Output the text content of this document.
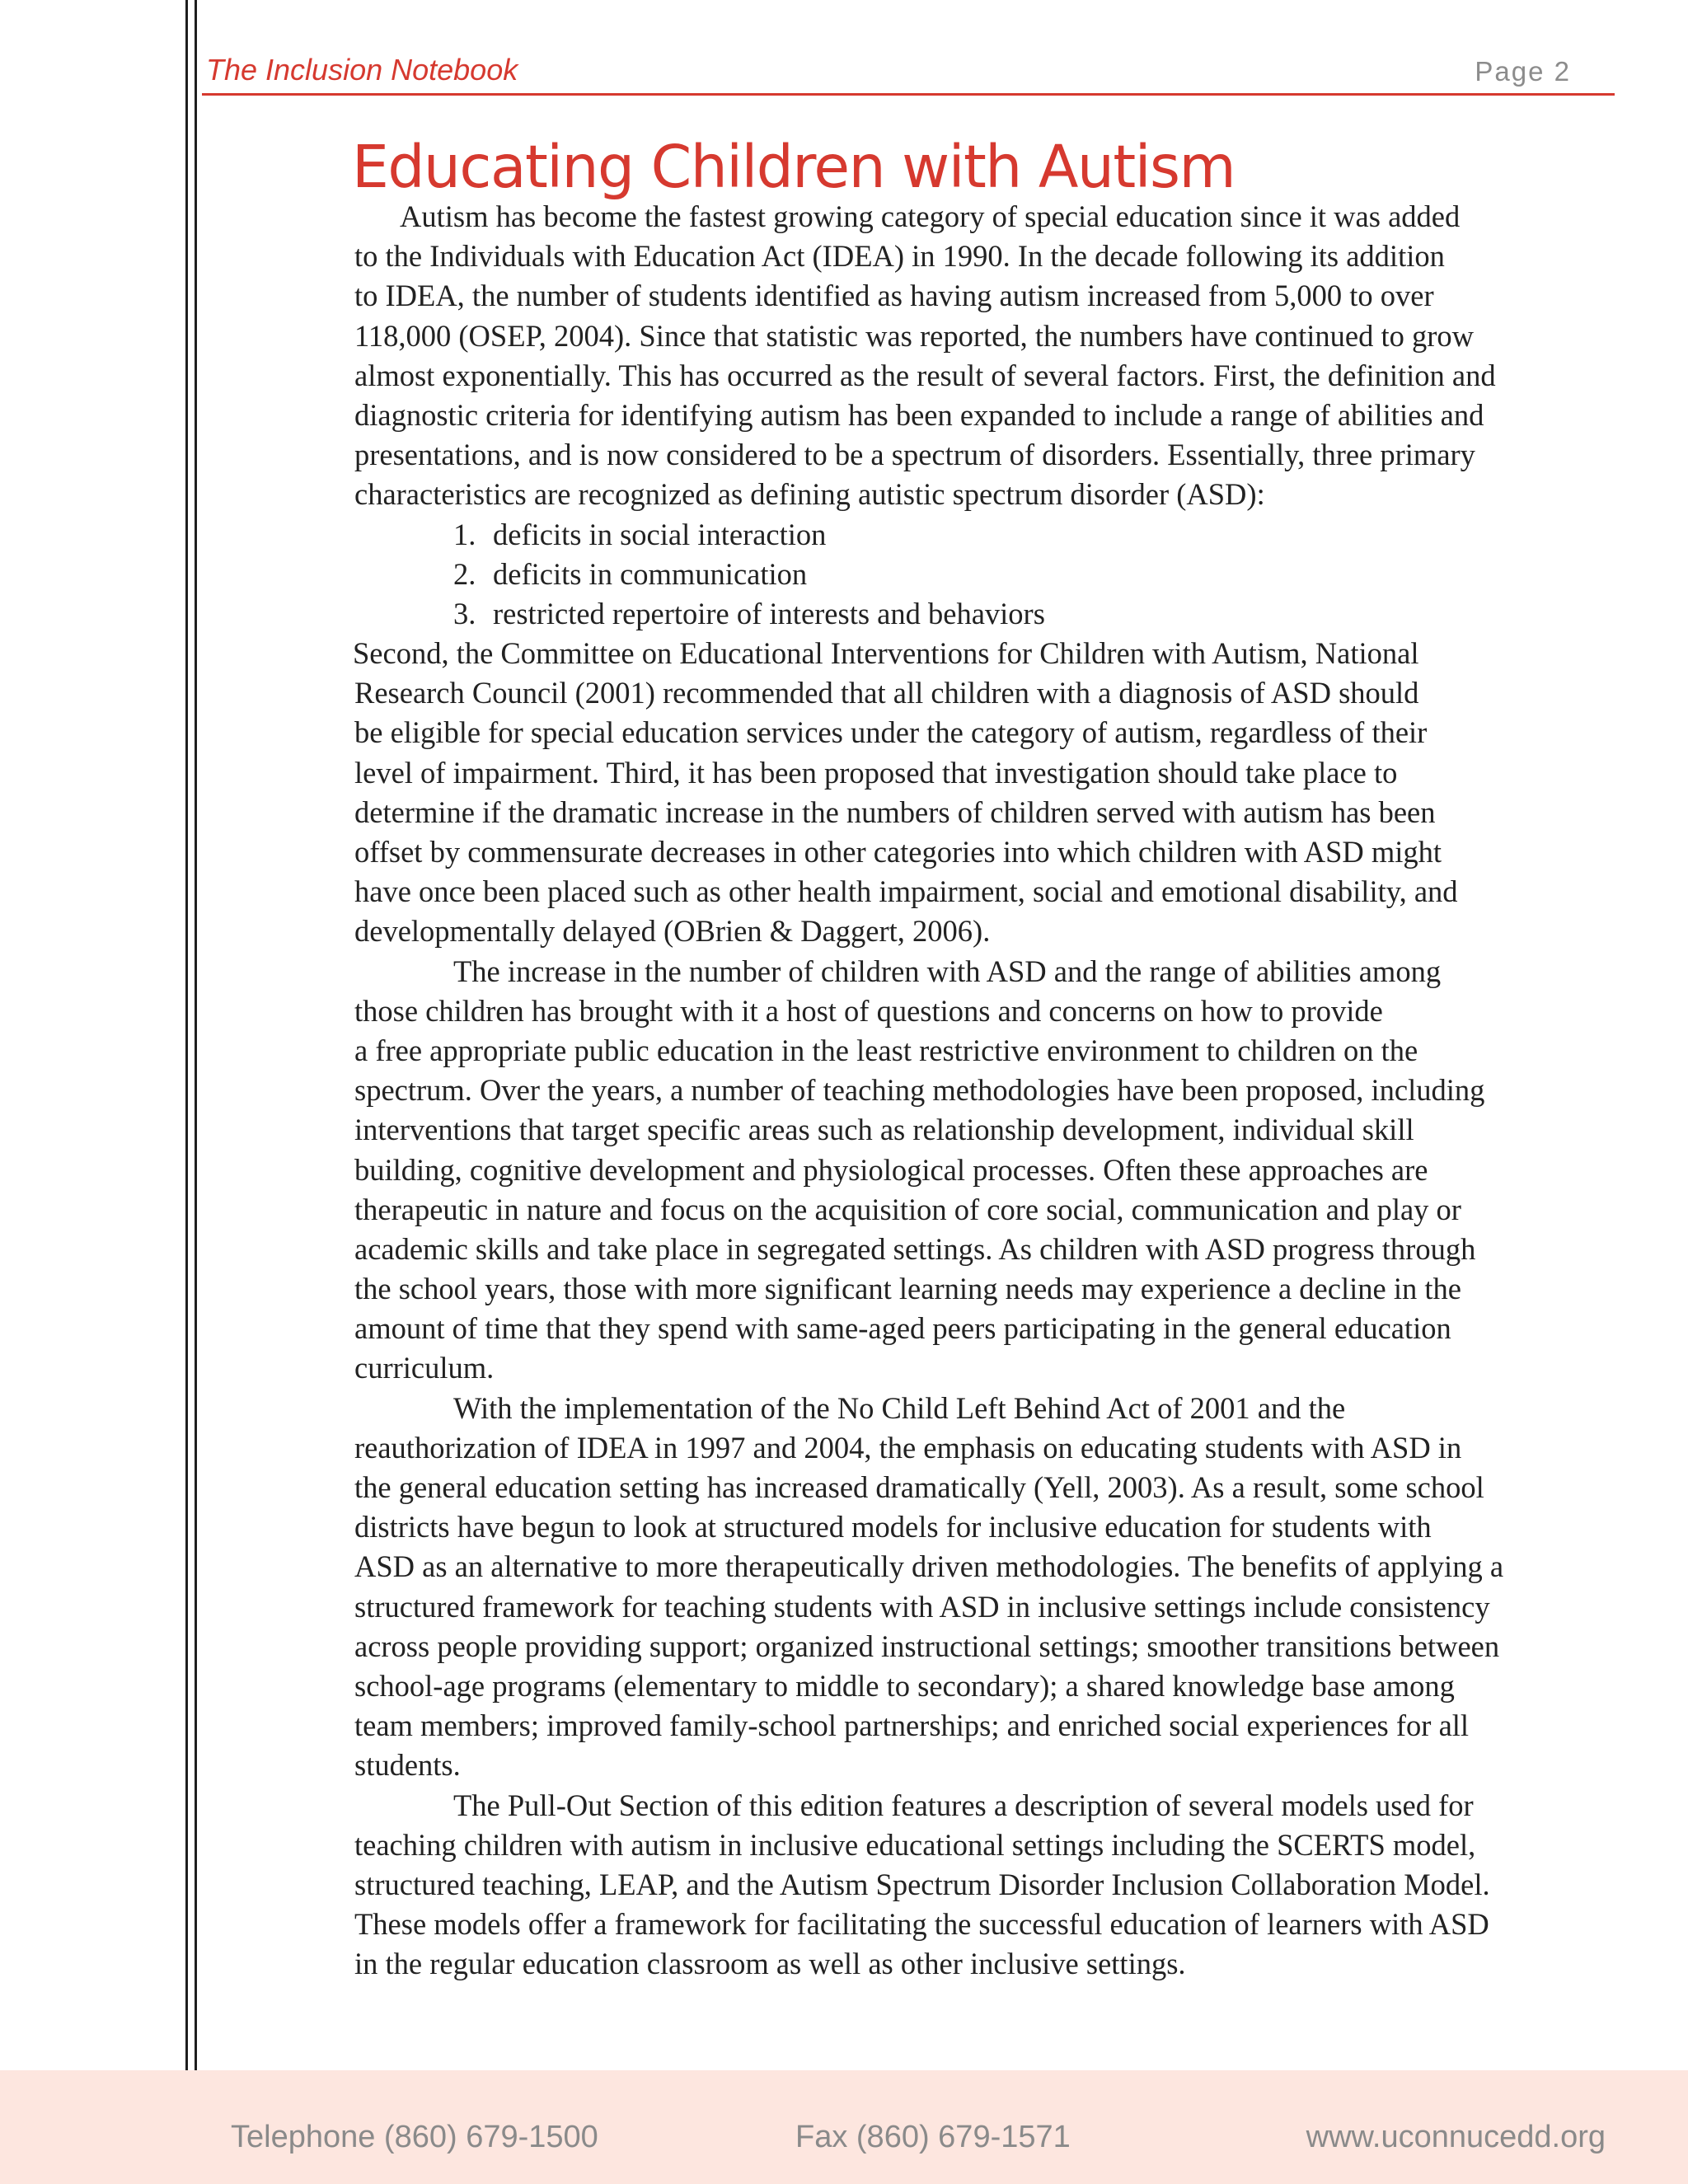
The Inclusion Notebook	Page 2
Educating Children with Autism
Autism has become the fastest growing category of special education since it was added
to the Individuals with Education Act (IDEA) in 1990. In the decade following its addition
to IDEA, the number of students identified as having autism increased from 5,000 to over
118,000 (OSEP, 2004). Since that statistic was reported, the numbers have continued to grow
almost exponentially. This has occurred as the result of several factors. First, the definition and
diagnostic criteria for identifying autism has been expanded to include a range of abilities and
presentations, and is now considered to be a spectrum of disorders. Essentially, three primary
characteristics are recognized as defining autistic spectrum disorder (ASD):
1. deficits in social interaction
2. deficits in communication
3. restricted repertoire of interests and behaviors
Second, the Committee on Educational Interventions for Children with Autism, National
Research Council (2001) recommended that all children with a diagnosis of ASD should
be eligible for special education services under the category of autism, regardless of their
level of impairment. Third, it has been proposed that investigation should take place to
determine if the dramatic increase in the numbers of children served with autism has been
offset by commensurate decreases in other categories into which children with ASD might
have once been placed such as other health impairment, social and emotional disability, and
developmentally delayed (OBrien & Daggert, 2006).
The increase in the number of children with ASD and the range of abilities among
those children has brought with it a host of questions and concerns on how to provide
a free appropriate public education in the least restrictive environment to children on the
spectrum. Over the years, a number of teaching methodologies have been proposed, including
interventions that target specific areas such as relationship development, individual skill
building, cognitive development and physiological processes. Often these approaches are
therapeutic in nature and focus on the acquisition of core social, communication and play or
academic skills and take place in segregated settings. As children with ASD progress through
the school years, those with more significant learning needs may experience a decline in the
amount of time that they spend with same-aged peers participating in the general education
curriculum.
With the implementation of the No Child Left Behind Act of 2001 and the
reauthorization of IDEA in 1997 and 2004, the emphasis on educating students with ASD in
the general education setting has increased dramatically (Yell, 2003). As a result, some school
districts have begun to look at structured models for inclusive education for students with
ASD as an alternative to more therapeutically driven methodologies. The benefits of applying a
structured framework for teaching students with ASD in inclusive settings include consistency
across people providing support; organized instructional settings; smoother transitions between
school-age programs (elementary to middle to secondary); a shared knowledge base among
team members; improved family-school partnerships; and enriched social experiences for all
students.
The Pull-Out Section of this edition features a description of several models used for
teaching children with autism in inclusive educational settings including the SCERTS model,
structured teaching, LEAP, and the Autism Spectrum Disorder Inclusion Collaboration Model.
These models offer a framework for facilitating the successful education of learners with ASD
in the regular education classroom as well as other inclusive settings.
Telephone (860) 679-1500	Fax (860) 679-1571	www.uconnucedd.org
